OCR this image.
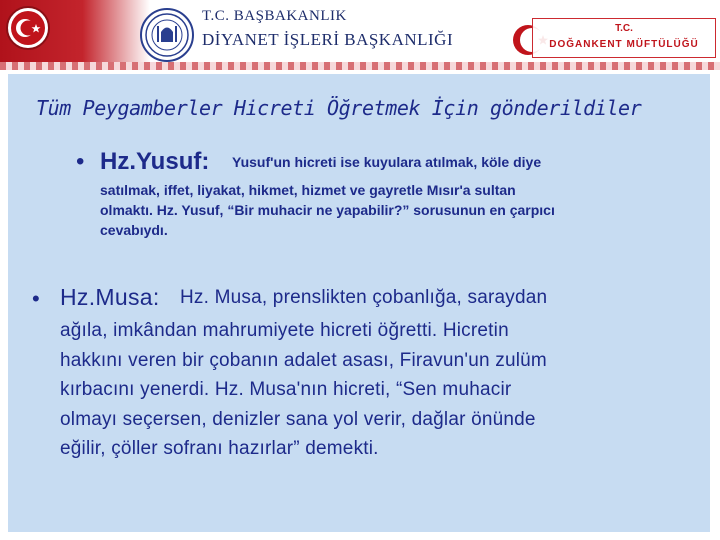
T.C. BAŞBAKANLIK
DİYANET İŞLERİ BAŞKANLIĞI
T.C.
DOĞANKENT MÜFTÜLÜĞÜ
Tüm Peygamberler Hicreti Öğretmek İçin gönderildiler
• Hz.Yusuf: Yusuf'un hicreti ise kuyulara atılmak, köle diye
satılmak, iffet, liyakat, hikmet, hizmet ve gayretle Mısır'a sultan
olmaktı. Hz. Yusuf, “Bir muhacir ne yapabilir?” sorusunun en çarpıcı
cevabıydı.
• Hz.Musa: Hz. Musa, prenslikten çobanlığa, saraydan
ağıla, imkândan mahrumiyete hicreti öğretti. Hicretin
hakkını veren bir çobanın adalet asası, Firavun'un zulüm
kırbacını yenerdi. Hz. Musa'nın hicreti, “Sen muhacir
olmayı seçersen, denizler sana yol verir, dağlar önünde
eğilir, çöller sofranı hazırlar” demekti.
